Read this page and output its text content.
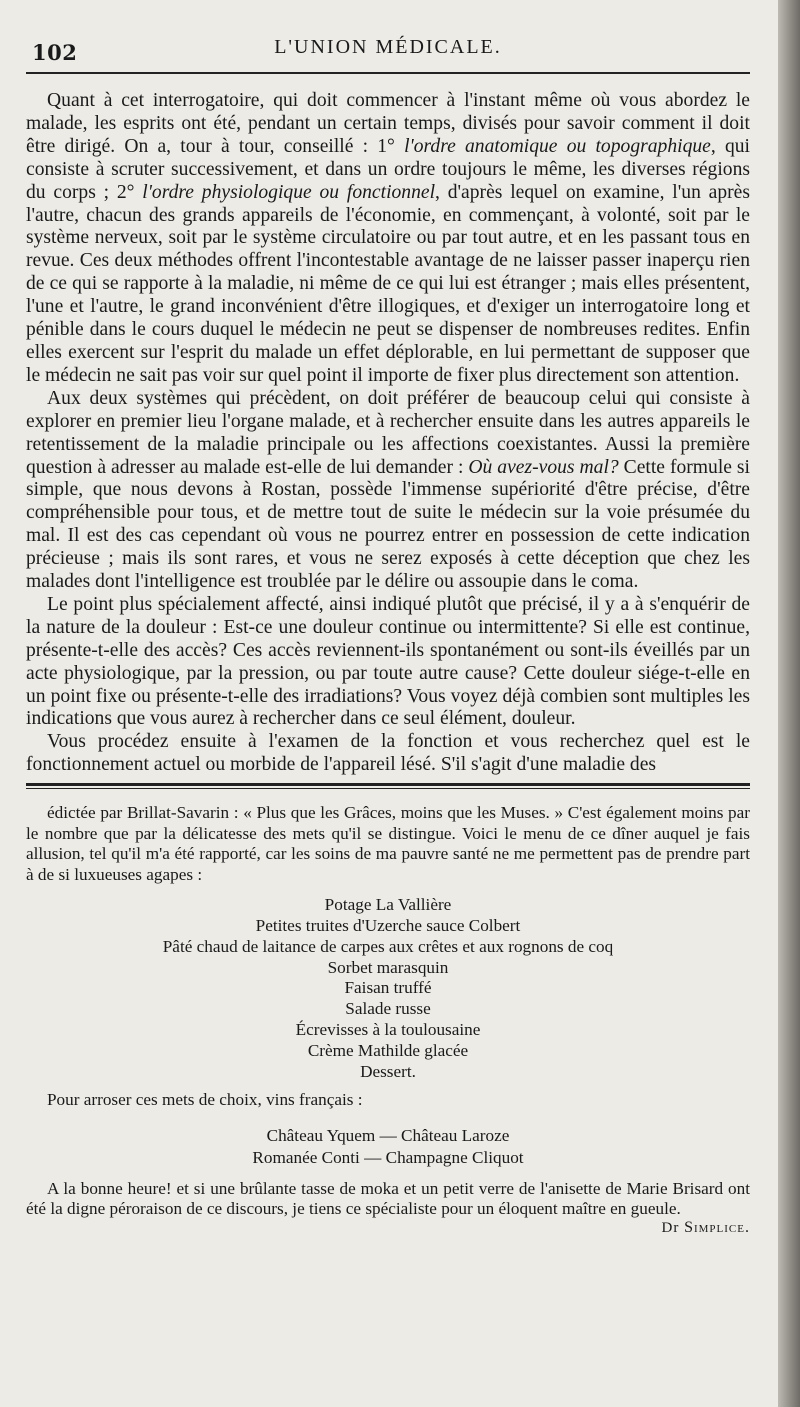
102	L'UNION MÉDICALE.

Quant à cet interrogatoire, qui doit commencer à l'instant même où vous abordez le malade, les esprits ont été, pendant un certain temps, divisés pour savoir comment il doit être dirigé. On a, tour à tour, conseillé : 1° l'ordre anatomique ou topographique, qui consiste à scruter successivement, et dans un ordre toujours le même, les diverses régions du corps ; 2° l'ordre physiologique ou fonctionnel, d'après lequel on examine, l'un après l'autre, chacun des grands appareils de l'économie, en commençant, à volonté, soit par le système nerveux, soit par le système circulatoire ou par tout autre, et en les passant tous en revue. Ces deux méthodes offrent l'incontestable avantage de ne laisser passer inaperçu rien de ce qui se rapporte à la maladie, ni même de ce qui lui est étranger ; mais elles présentent, l'une et l'autre, le grand inconvénient d'être illogiques, et d'exiger un interrogatoire long et pénible dans le cours duquel le médecin ne peut se dispenser de nombreuses redites. Enfin elles exercent sur l'esprit du malade un effet déplorable, en lui permettant de supposer que le médecin ne sait pas voir sur quel point il importe de fixer plus directement son attention.

Aux deux systèmes qui précèdent, on doit préférer de beaucoup celui qui consiste à explorer en premier lieu l'organe malade, et à rechercher ensuite dans les autres appareils le retentissement de la maladie principale ou les affections coexistantes. Aussi la première question à adresser au malade est-elle de lui demander : Où avez-vous mal? Cette formule si simple, que nous devons à Rostan, possède l'immense supériorité d'être précise, d'être compréhensible pour tous, et de mettre tout de suite le médecin sur la voie présumée du mal. Il est des cas cependant où vous ne pourrez entrer en possession de cette indication précieuse ; mais ils sont rares, et vous ne serez exposés à cette déception que chez les malades dont l'intelligence est troublée par le délire ou assoupie dans le coma.

Le point plus spécialement affecté, ainsi indiqué plutôt que précisé, il y a à s'enquérir de la nature de la douleur : Est-ce une douleur continue ou intermittente? Si elle est continue, présente-t-elle des accès? Ces accès reviennent-ils spontanément ou sont-ils éveillés par un acte physiologique, par la pression, ou par toute autre cause? Cette douleur siége-t-elle en un point fixe ou présente-t-elle des irradiations? Vous voyez déjà combien sont multiples les indications que vous aurez à rechercher dans ce seul élément, douleur.

Vous procédez ensuite à l'examen de la fonction et vous recherchez quel est le fonctionnement actuel ou morbide de l'appareil lésé. S'il s'agit d'une maladie des

édictée par Brillat-Savarin : « Plus que les Grâces, moins que les Muses. » C'est également moins par le nombre que par la délicatesse des mets qu'il se distingue. Voici le menu de ce dîner auquel je fais allusion, tel qu'il m'a été rapporté, car les soins de ma pauvre santé ne me permettent pas de prendre part à de si luxueuses agapes :

Potage La Vallière
Petites truites d'Uzerche sauce Colbert
Pâté chaud de laitance de carpes aux crêtes et aux rognons de coq
Sorbet marasquin
Faisan truffé
Salade russe
Écrevisses à la toulousaine
Crème Mathilde glacée
Dessert.

Pour arroser ces mets de choix, vins français :

Château Yquem — Château Laroze
Romanée Conti — Champagne Cliquot

A la bonne heure! et si une brûlante tasse de moka et un petit verre de l'anisette de Marie Brisard ont été la digne péroraison de ce discours, je tiens ce spécialiste pour un éloquent maître en gueule.

Dr Simplice.
